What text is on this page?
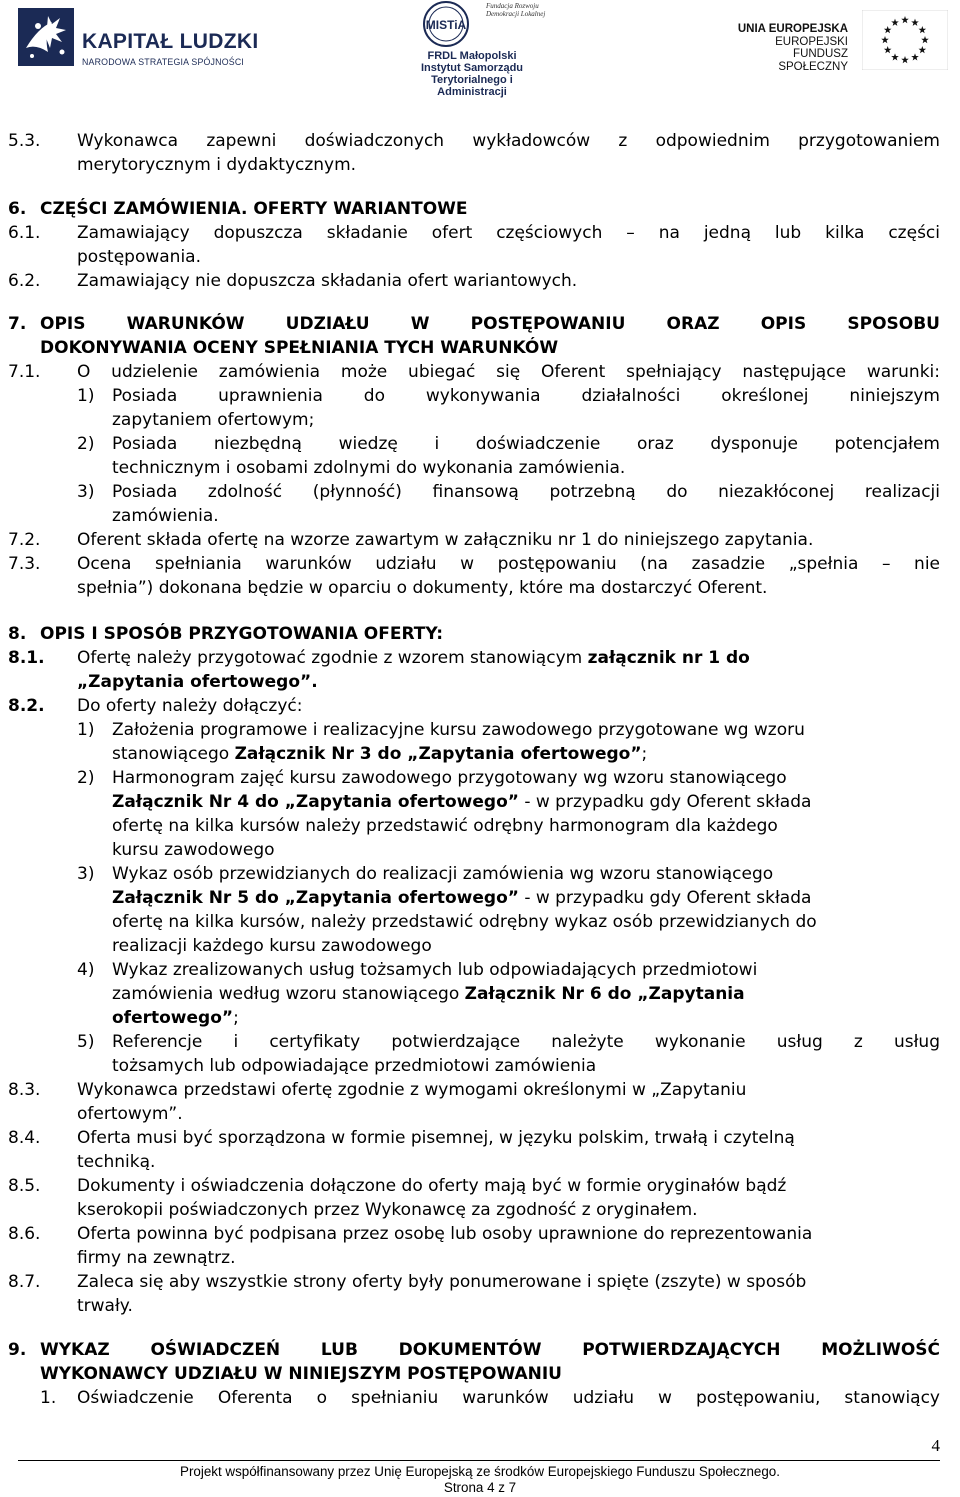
KAPITAŁ LUDZKI
NARODOWA STRATEGIA SPÓJNOŚCI
MISTiA
Fundacja Rozwoju Demokracji Lokalnej
FRDL Małopolski Instytut Samorządu Terytorialnego i Administracji
UNIA EUROPEJSKA
EUROPEJSKI
FUNDUSZ SPOŁECZNY
5.3. Wykonawca zapewni doświadczonych wykładowców z odpowiednim przygotowaniem
merytorycznym i dydaktycznym.
6. CZĘŚCI ZAMÓWIENIA. OFERTY WARIANTOWE
6.1. Zamawiający dopuszcza składanie ofert częściowych – na jedną lub kilka części
postępowania.
6.2. Zamawiający nie dopuszcza składania ofert wariantowych.
7. OPIS WARUNKÓW UDZIAŁU W POSTĘPOWANIU ORAZ OPIS SPOSOBU
DOKONYWANIA OCENY SPEŁNIANIA TYCH WARUNKÓW
7.1. O udzielenie zamówienia może ubiegać się Oferent spełniający następujące warunki:
1) Posiada uprawnienia do wykonywania działalności określonej niniejszym
zapytaniem ofertowym;
2) Posiada niezbędną wiedzę i doświadczenie oraz dysponuje potencjałem
technicznym i osobami zdolnymi do wykonania zamówienia.
3) Posiada zdolność (płynność) finansową potrzebną do niezakłóconej realizacji
zamówienia.
7.2. Oferent składa ofertę na wzorze zawartym w załączniku nr 1 do niniejszego zapytania.
7.3. Ocena spełniania warunków udziału w postępowaniu (na zasadzie „spełnia – nie
spełnia”) dokonana będzie w oparciu o dokumenty, które ma dostarczyć Oferent.
8. OPIS I SPOSÓB PRZYGOTOWANIA OFERTY:
8.1. Ofertę należy przygotować zgodnie z wzorem stanowiącym załącznik nr 1 do
„Zapytania ofertowego”.
8.2. Do oferty należy dołączyć:
1) Założenia programowe i realizacyjne kursu zawodowego przygotowane wg wzoru
stanowiącego Załącznik Nr 3 do „Zapytania ofertowego”;
2) Harmonogram zajęć kursu zawodowego przygotowany wg wzoru stanowiącego
Załącznik Nr 4 do „Zapytania ofertowego” - w przypadku gdy Oferent składa
ofertę na kilka kursów należy przedstawić odrębny harmonogram dla każdego
kursu zawodowego
3) Wykaz osób przewidzianych do realizacji zamówienia wg wzoru stanowiącego
Załącznik Nr 5 do „Zapytania ofertowego” - w przypadku gdy Oferent składa
ofertę na kilka kursów, należy przedstawić odrębny wykaz osób przewidzianych do
realizacji każdego kursu zawodowego
4) Wykaz zrealizowanych usług tożsamych lub odpowiadających przedmiotowi
zamówienia według wzoru stanowiącego Załącznik Nr 6 do „Zapytania
ofertowego”;
5) Referencje i certyfikaty potwierdzające należyte wykonanie usług z usług
tożsamych lub odpowiadające przedmiotowi zamówienia
8.3. Wykonawca przedstawi ofertę zgodnie z wymogami określonymi w „Zapytaniu
ofertowym”.
8.4. Oferta musi być sporządzona w formie pisemnej, w języku polskim, trwałą i czytelną
techniką.
8.5. Dokumenty i oświadczenia dołączone do oferty mają być w formie oryginałów bądź
kserokopii poświadczonych przez Wykonawcę za zgodność z oryginałem.
8.6. Oferta powinna być podpisana przez osobę lub osoby uprawnione do reprezentowania
firmy na zewnątrz.
8.7. Zaleca się aby wszystkie strony oferty były ponumerowane i spięte (zszyte) w sposób
trwały.
9. WYKAZ OŚWIADCZEŃ LUB DOKUMENTÓW POTWIERDZAJĄCYCH MOŻLIWOŚĆ
WYKONAWCY UDZIAŁU W NINIEJSZYM POSTĘPOWANIU
1. Oświadczenie Oferenta o spełnianiu warunków udziału w postępowaniu, stanowiący
4
Projekt współfinansowany przez Unię Europejską ze środków Europejskiego Funduszu Społecznego.
Strona 4 z 7
